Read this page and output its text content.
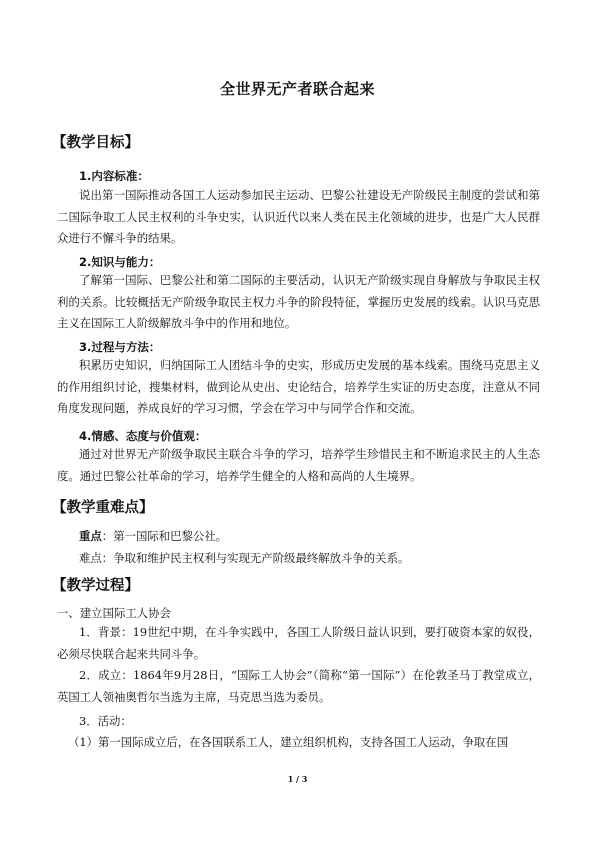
全世界无产者联合起来
【教学目标】
1.内容标准：

说出第一国际推动各国工人运动参加民主运动、巴黎公社建设无产阶级民主制度的尝试和第二国际争取工人民主权利的斗争史实，认识近代以来人类在民主化领域的进步，也是广大人民群众进行不懈斗争的结果。

2.知识与能力：

了解第一国际、巴黎公社和第二国际的主要活动，认识无产阶级实现自身解放与争取民主权利的关系。比较概括无产阶级争取民主权力斗争的阶段特征，掌握历史发展的线索。认识马克思主义在国际工人阶级解放斗争中的作用和地位。

3.过程与方法：

积累历史知识，归纳国际工人团结斗争的史实，形成历史发展的基本线索。围绕马克思主义的作用组织讨论，搜集材料，做到论从史出、史论结合，培养学生实证的历史态度，注意从不同角度发现问题，养成良好的学习习惯，学会在学习中与同学合作和交流。

4.情感、态度与价值观：

通过对世界无产阶级争取民主联合斗争的学习，培养学生珍惜民主和不断追求民主的人生态度。通过巴黎公社革命的学习，培养学生健全的人格和高尚的人生境界。

【教学重难点】
重点：第一国际和巴黎公社。
难点：争取和维护民主权利与实现无产阶级最终解放斗争的关系。
【教学过程】
一、建立国际工人协会

1．背景：19世纪中期，在斗争实践中，各国工人阶级日益认识到，要打破资本家的奴役，必须尽快联合起来共同斗争。

2．成立：1864年9月28日，“国际工人协会”（简称“第一国际”）在伦敦圣马丁教堂成立，英国工人领袖奥哲尔当选为主席，马克思当选为委员。

3．活动：
（1）第一国际成立后，在各国联系工人，建立组织机构，支持各国工人运动，争取在国
1 / 3
